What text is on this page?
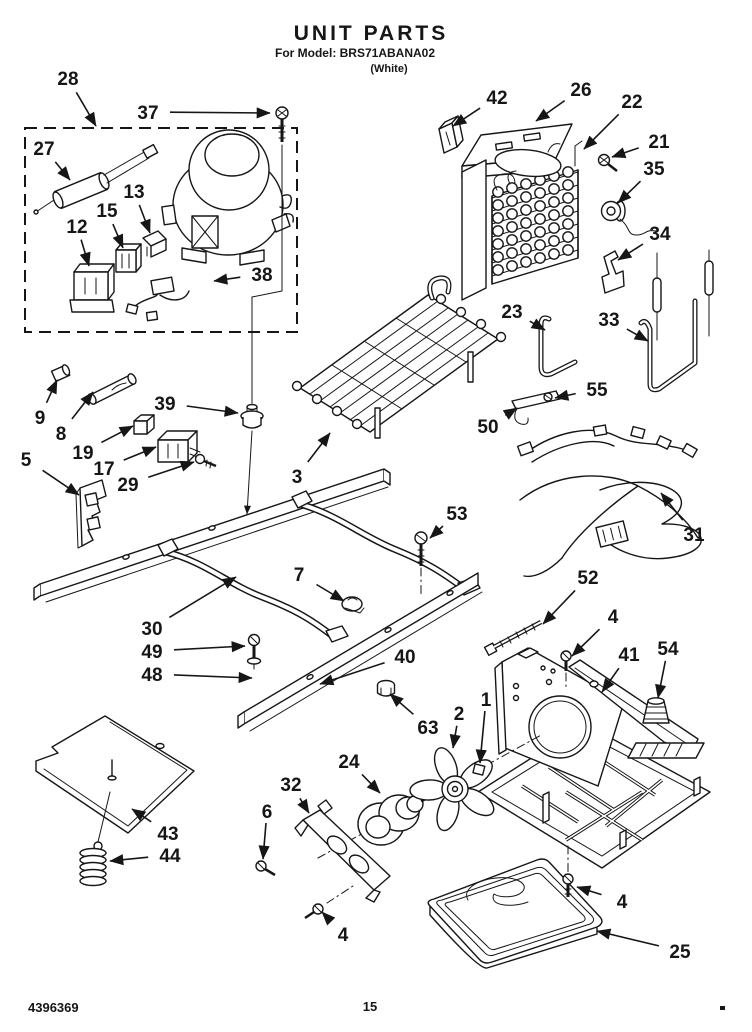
UNIT PARTS
For Model: BRS71ABANA02
(White)
28
37
27
12
15
13
38
42	26
22
21
35
34
23	33
9
8
19
17
29
5
39
3
50
55
31
30
49
48
40
7
63
53
52
4
41 54
2
1
24
32
6
43
44
4
4
25
4396369	15
